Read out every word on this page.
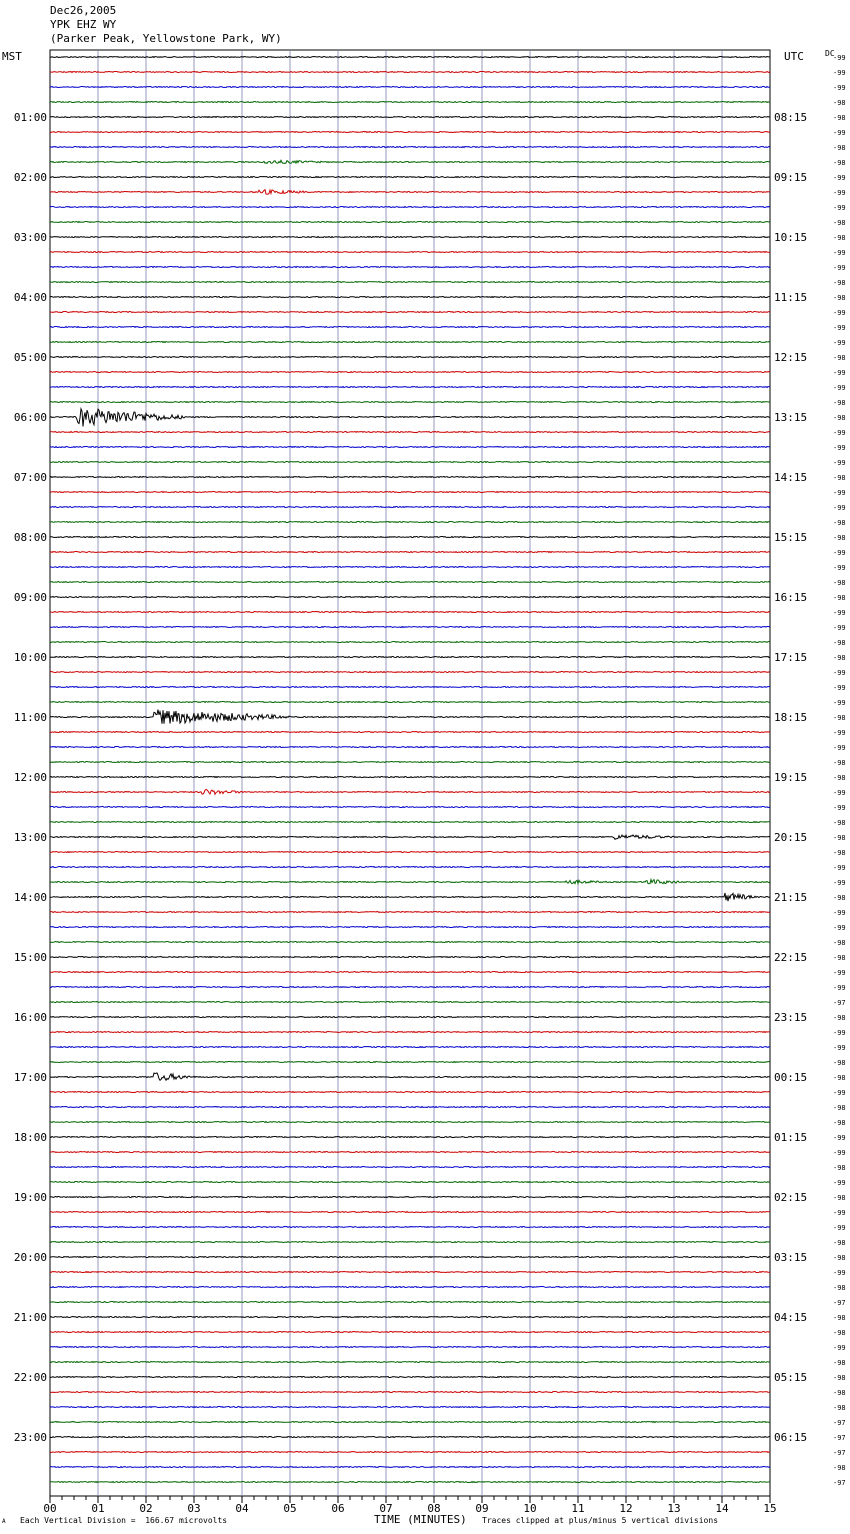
Dec26,2005
YPK EHZ WY
(Parker Peak, Yellowstone Park, WY)
-99
-99
-99
-98
-98
-99
-98
-98
-99
-99
-99
-98
-98
-99
-99
-98
-98
-99
-99
-99
-98
-99
-99
-98
-98
-99
-99
-99
-98
-99
-99
-98
-98
-99
-99
-98
-98
-99
-99
-98
-98
-99
-99
-99
-98
-99
-99
-98
-98
-99
-99
-98
-98
-98
-99
-99
-98
-99
-99
-98
-98
-99
-99
-97
-98
-99
-99
-98
-98
-99
-98
-98
-99
-99
-98
-99
-98
-99
-99
-98
-98
-99
-98
-97
-98
-98
-99
-98
-98
-98
-98
-97
-97
-97
-98
-97
01:00
02:00
03:00
04:00
05:00
06:00
07:00
08:00
09:00
10:00
11:00
12:00
13:00
14:00
15:00
16:00
17:00
18:00
19:00
20:00
21:00
22:00
23:00
08:15
09:15
10:15
11:15
12:15
13:15
14:15
15:15
16:15
17:15
18:15
19:15
20:15
21:15
22:15
23:15
00:15
01:15
02:15
03:15
04:15
05:15
06:15
00	01	02	03	04	05	06	07	08	09	10	11	12	13	14	15
MST	UTC	DC
A Each Vertical Division =  166.67 microvolts	TIME (MINUTES) Traces clipped at plus/minus 5 vertical divisions
